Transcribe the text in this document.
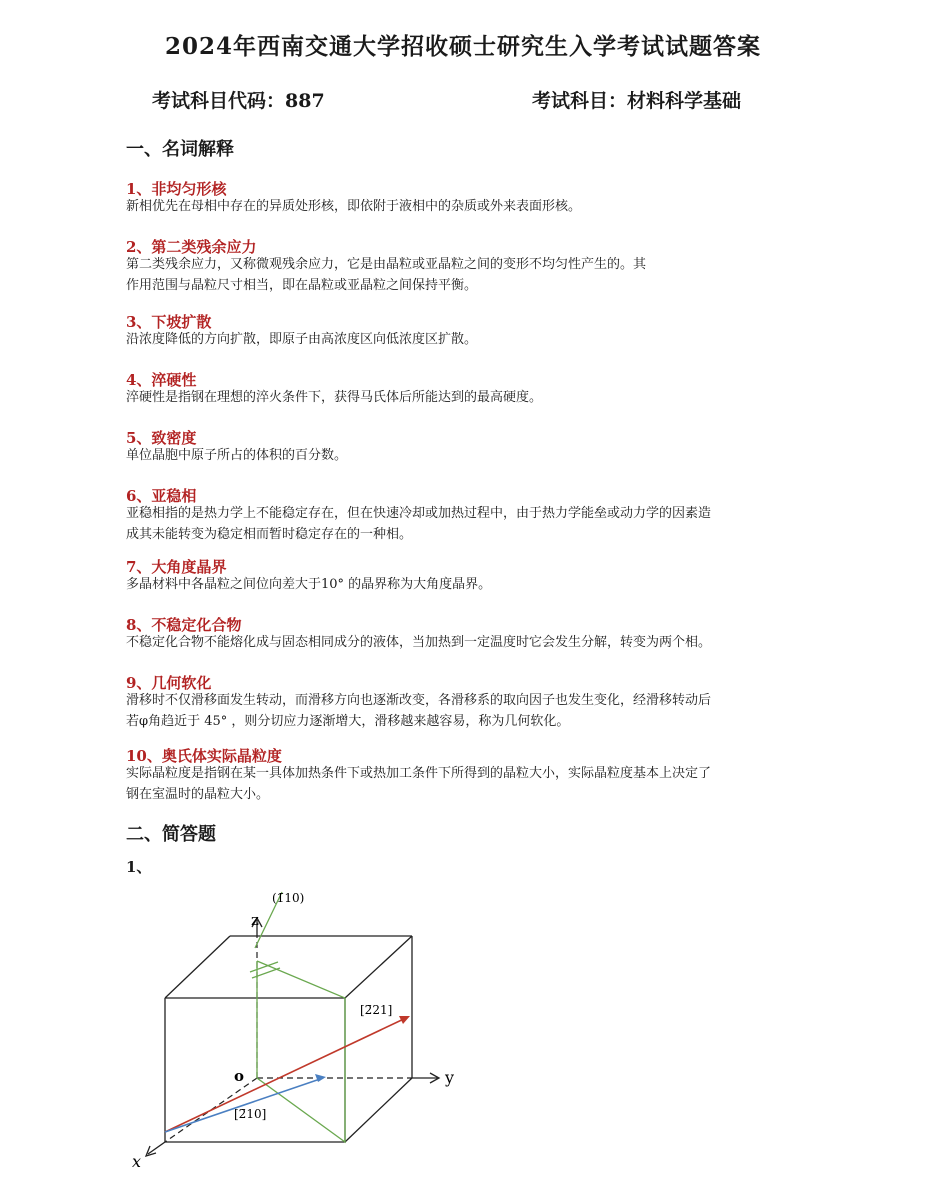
2024年西南交通大学招收硕士研究生入学考试试题答案
考试科目代码：887	考试科目：材料科学基础
一、名词解释
1、非均匀形核
新相优先在母相中存在的异质处形核，即依附于液相中的杂质或外来表面形核。
2、第二类残余应力
第二类残余应力，又称微观残余应力，它是由晶粒或亚晶粒之间的变形不均匀性产生的。其
作用范围与晶粒尺寸相当，即在晶粒或亚晶粒之间保持平衡。
3、下坡扩散
沿浓度降低的方向扩散，即原子由高浓度区向低浓度区扩散。
4、淬硬性
淬硬性是指钢在理想的淬火条件下，获得马氏体后所能达到的最高硬度。
5、致密度
单位晶胞中原子所占的体积的百分数。
6、亚稳相
亚稳相指的是热力学上不能稳定存在，但在快速冷却或加热过程中，由于热力学能垒或动力学的因素造
成其未能转变为稳定相而暂时稳定存在的一种相。
7、大角度晶界
多晶材料中各晶粒之间位向差大于10° 的晶界称为大角度晶界。
8、不稳定化合物
不稳定化合物不能熔化成与固态相同成分的液体，当加热到一定温度时它会发生分解，转变为两个相。
9、几何软化
滑移时不仅滑移面发生转动，而滑移方向也逐渐改变，各滑移系的取向因子也发生变化，经滑移转动后
若φ角趋近于 45° ，则分切应力逐渐增大，滑移越来越容易，称为几何软化。
10、奥氏体实际晶粒度
实际晶粒度是指钢在某一具体加热条件下或热加工条件下所得到的晶粒大小，实际晶粒度基本上决定了
钢在室温时的晶粒大小。
二、简答题
1、
z
y
x
o
(1̄10)
[2̄21]
[2̄10]
